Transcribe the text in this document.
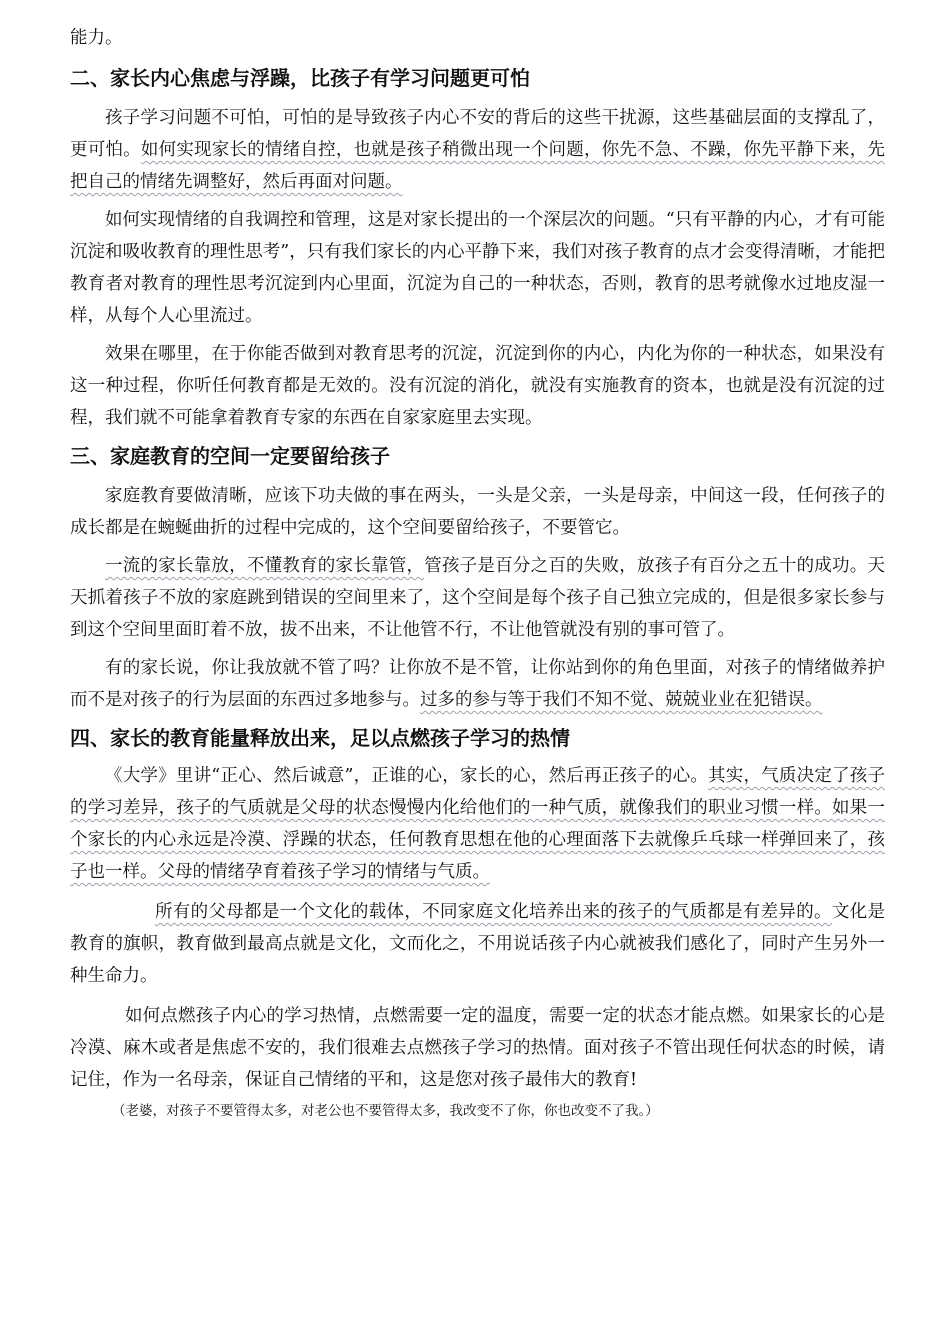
能力。

二、家长内心焦虑与浮躁，比孩子有学习问题更可怕

孩子学习问题不可怕，可怕的是导致孩子内心不安的背后的这些干扰源，这些基础层面的支撑乱了，更可怕。如何实现家长的情绪自控，也就是孩子稍微出现一个问题，你先不急、不躁，你先平静下来，先把自己的情绪先调整好，然后再面对问题。

如何实现情绪的自我调控和管理，这是对家长提出的一个深层次的问题。“只有平静的内心，才有可能沉淀和吸收教育的理性思考”，只有我们家长的内心平静下来，我们对孩子教育的点才会变得清晰，才能把教育者对教育的理性思考沉淀到内心里面，沉淀为自己的一种状态，否则，教育的思考就像水过地皮湿一样，从每个人心里流过。

效果在哪里，在于你能否做到对教育思考的沉淀，沉淀到你的内心，内化为你的一种状态，如果没有这一种过程，你听任何教育都是无效的。没有沉淀的消化，就没有实施教育的资本，也就是没有沉淀的过程，我们就不可能拿着教育专家的东西在自家家庭里去实现。

三、家庭教育的空间一定要留给孩子

家庭教育要做清晰，应该下功夫做的事在两头，一头是父亲，一头是母亲，中间这一段，任何孩子的成长都是在蜿蜒曲折的过程中完成的，这个空间要留给孩子，不要管它。

一流的家长靠放，不懂教育的家长靠管，管孩子是百分之百的失败，放孩子有百分之五十的成功。天天抓着孩子不放的家庭跳到错误的空间里来了，这个空间是每个孩子自己独立完成的，但是很多家长参与到这个空间里面盯着不放，拔不出来，不让他管不行，不让他管就没有别的事可管了。

有的家长说，你让我放就不管了吗？让你放不是不管，让你站到你的角色里面，对孩子的情绪做养护而不是对孩子的行为层面的东西过多地参与。过多的参与等于我们不知不觉、兢兢业业在犯错误。

四、家长的教育能量释放出来，足以点燃孩子学习的热情

《大学》里讲“正心、然后诚意”，正谁的心，家长的心，然后再正孩子的心。其实，气质决定了孩子的学习差异，孩子的气质就是父母的状态慢慢内化给他们的一种气质，就像我们的职业习惯一样。如果一个家长的内心永远是冷漠、浮躁的状态，任何教育思想在他的心理面落下去就像乒乓球一样弹回来了，孩子也一样。父母的情绪孕育着孩子学习的情绪与气质。

所有的父母都是一个文化的载体，不同家庭文化培养出来的孩子的气质都是有差异的。文化是教育的旗帜，教育做到最高点就是文化，文而化之，不用说话孩子内心就被我们感化了，同时产生另外一种生命力。

如何点燃孩子内心的学习热情，点燃需要一定的温度，需要一定的状态才能点燃。如果家长的心是冷漠、麻木或者是焦虑不安的，我们很难去点燃孩子学习的热情。面对孩子不管出现任何状态的时候，请记住，作为一名母亲，保证自己情绪的平和，这是您对孩子最伟大的教育!

（老婆，对孩子不要管得太多，对老公也不要管得太多，我改变不了你，你也改变不了我。）
